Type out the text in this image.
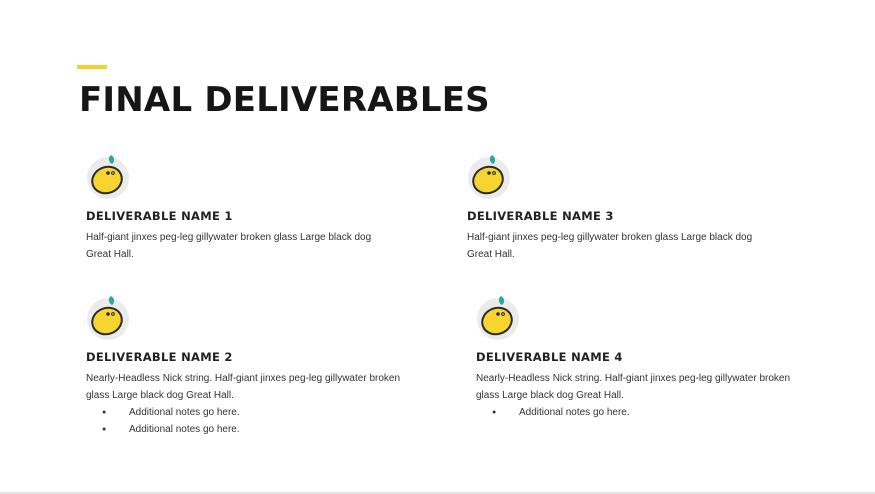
FINAL DELIVERABLES
DELIVERABLE NAME 1
Half-giant jinxes peg-leg gillywater broken glass Large black dog Great Hall.
DELIVERABLE NAME 2
Nearly-Headless Nick string. Half-giant jinxes peg-leg gillywater broken glass Large black dog Great Hall.
● Additional notes go here.
● Additional notes go here.
DELIVERABLE NAME 3
Half-giant jinxes peg-leg gillywater broken glass Large black dog Great Hall.
DELIVERABLE NAME 4
Nearly-Headless Nick string. Half-giant jinxes peg-leg gillywater broken glass Large black dog Great Hall.
● Additional notes go here.
